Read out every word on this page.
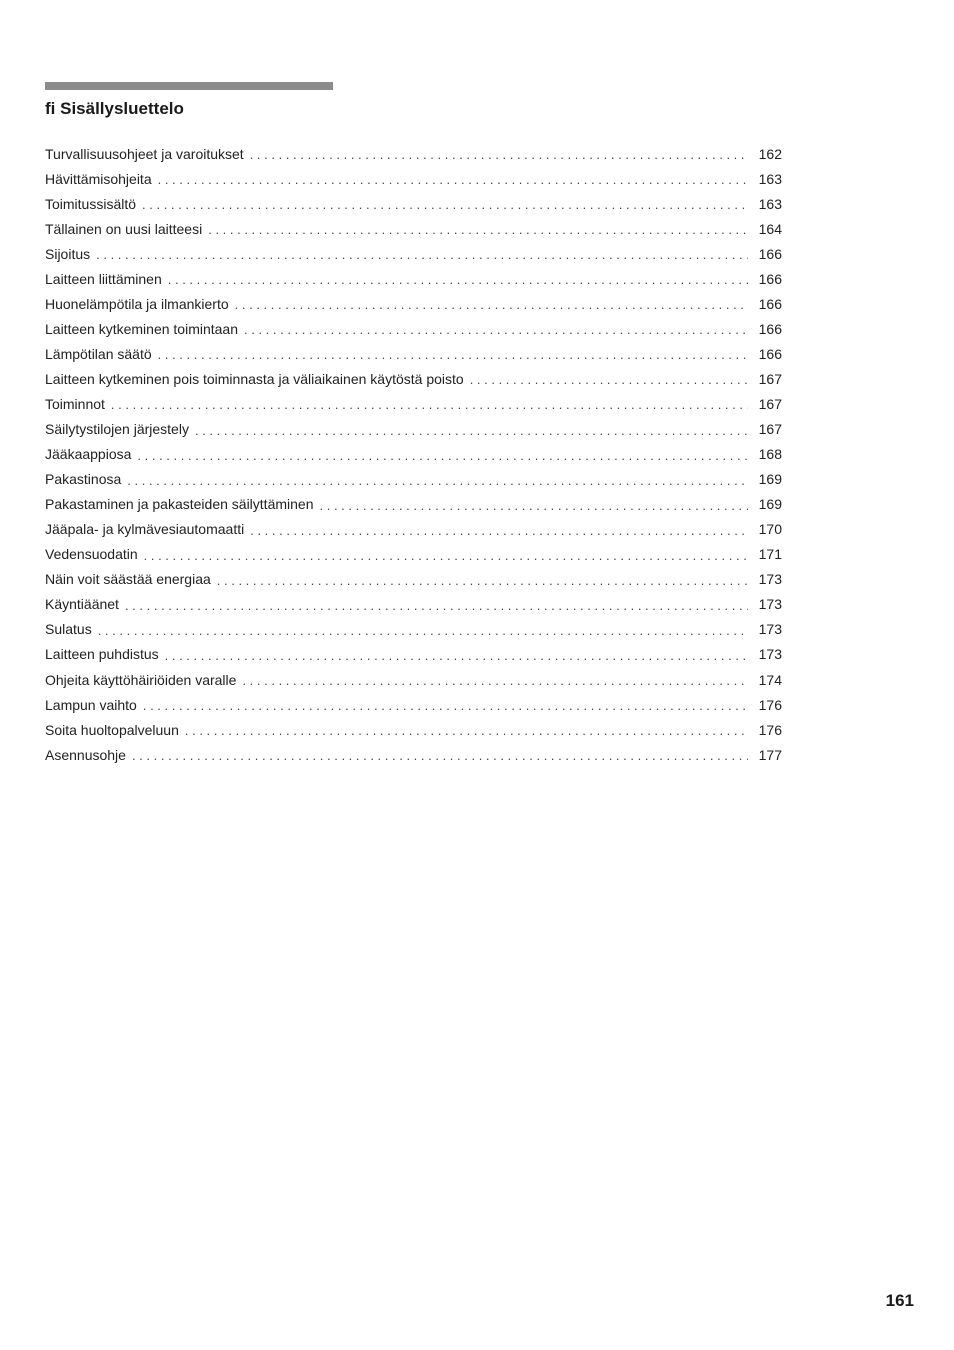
fi Sisällysluettelo
Turvallisuusohjeet ja varoitukset . . .	162
Hävittämisohjeita . . .	163
Toimitussisältö . . .	163
Tällainen on uusi laitteesi . . .	164
Sijoitus . . .	166
Laitteen liittäminen . . .	166
Huonelämpötila ja ilmankierto . . .	166
Laitteen kytkeminen toimintaan . . .	166
Lämpötilan säätö . . .	166
Laitteen kytkeminen pois toiminnasta ja väliaikainen käytöstä poisto . . .	167
Toiminnot . . .	167
Säilytystilojen järjestely . . .	167
Jääkaappiosa . . .	168
Pakastinosa . . .	169
Pakastaminen ja pakasteiden säilyttäminen . . .	169
Jääpala- ja kylmävesiautomaatti . . .	170
Vedensuodatin . . .	171
Näin voit säästää energiaa . . .	173
Käyntiäänet . . .	173
Sulatus . . .	173
Laitteen puhdistus . . .	173
Ohjeita käyttöhäiriöiden varalle . . .	174
Lampun vaihto . . .	176
Soita huoltopalveluun . . .	176
Asennusohje . . .	177
161
